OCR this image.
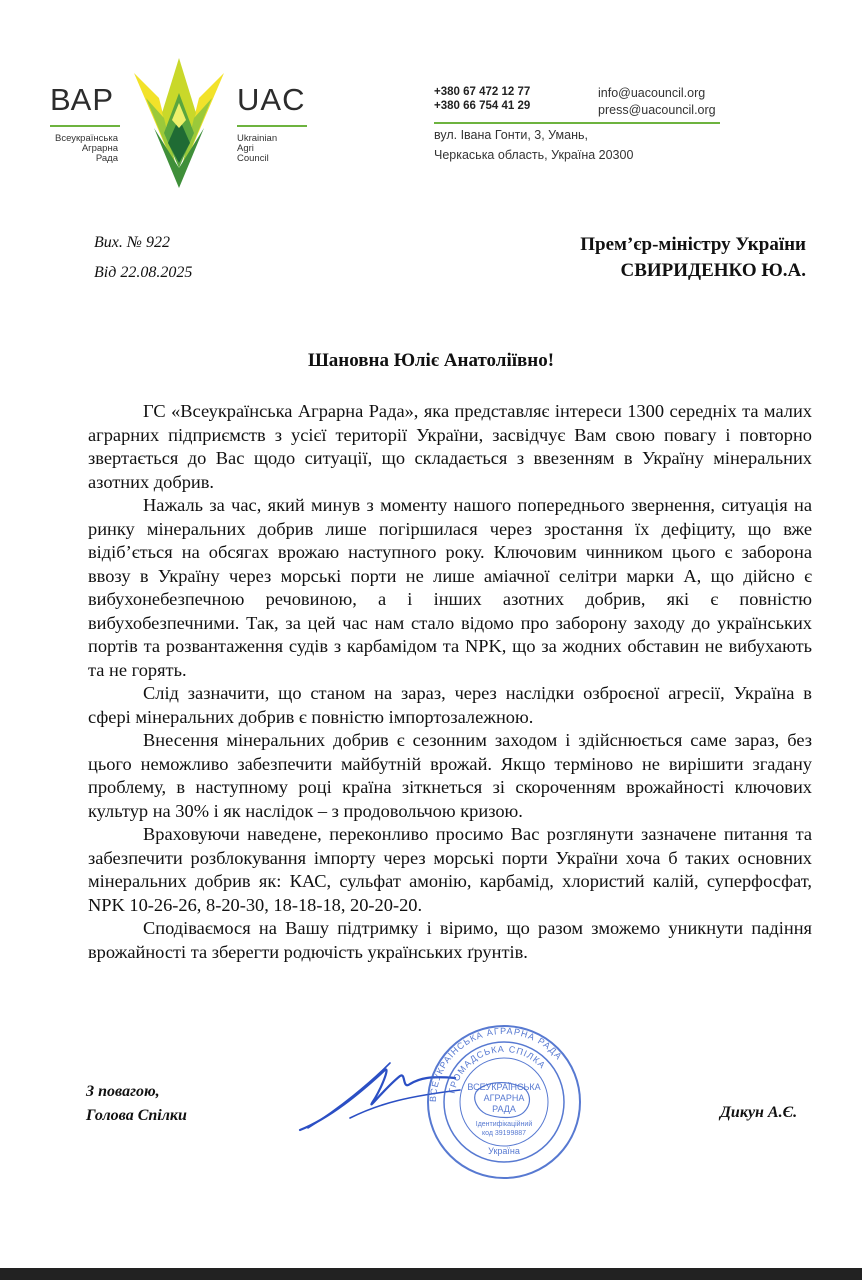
ВАР
Всеукраїнська
Аграрна
Рада
UAC
Ukrainian
Agri
Council
+380 67 472 12 77
+380 66 754 41 29
info@uacouncil.org
press@uacouncil.org
вул. Івана Гонти, 3, Умань,
Черкаська область, Україна 20300
Вих. № 922
Від 22.08.2025
Прем’єр-міністру України
СВИРИДЕНКО Ю.А.
Шановна Юліє Анатоліївно!

ГС «Всеукраїнська Аграрна Рада», яка представляє інтереси 1300 середніх та малих аграрних підприємств з усієї території України, засвідчує Вам свою повагу і повторно звертається до Вас щодо ситуації, що складається з ввезенням в Україну мінеральних азотних добрив.

Нажаль за час, який минув з моменту нашого попереднього звернення, ситуація на ринку мінеральних добрив лише погіршилася через зростання їх дефіциту, що вже відіб’ється на обсягах врожаю наступного року. Ключовим чинником цього є заборона ввозу в Україну через морські порти не лише аміачної селітри марки А, що дійсно є вибухонебезпечною речовиною, а і інших азотних добрив, які є повністю вибухобезпечними. Так, за цей час нам стало відомо про заборону заходу до українських портів та розвантаження судів з карбамідом та NPK, що за жодних обставин не вибухають та не горять.

Слід зазначити, що станом на зараз, через наслідки озброєної агресії, Україна в сфері мінеральних добрив є повністю імпортозалежною.

Внесення мінеральних добрив є сезонним заходом і здійснюється саме зараз, без цього неможливо забезпечити майбутній врожай. Якщо терміново не вирішити згадану проблему, в наступному році країна зіткнеться зі скороченням врожайності ключових культур на 30% і як наслідок – з продовольчою кризою.

Враховуючи наведене, переконливо просимо Вас розглянути зазначене питання та забезпечити розблокування імпорту через морські порти України хоча б таких основних мінеральних добрив як: КАС, сульфат амонію, карбамід, хлористий калій, суперфосфат, NPK 10-26-26, 8-20-30, 18-18-18, 20-20-20.

Сподіваємося на Вашу підтримку і віримо, що разом зможемо уникнути падіння врожайності та зберегти родючість українських ґрунтів.

З повагою,
Голова Спілки
ВСЕУКРАЇНСЬКА АГРАРНА РАДА
ГРОМАДСЬКА СПІЛКА
ВСЕУКРАЇНСЬКА
АГРАРНА
РАДА
Ідентифікаційний
код 39199887
Україна
Дикун А.Є.
